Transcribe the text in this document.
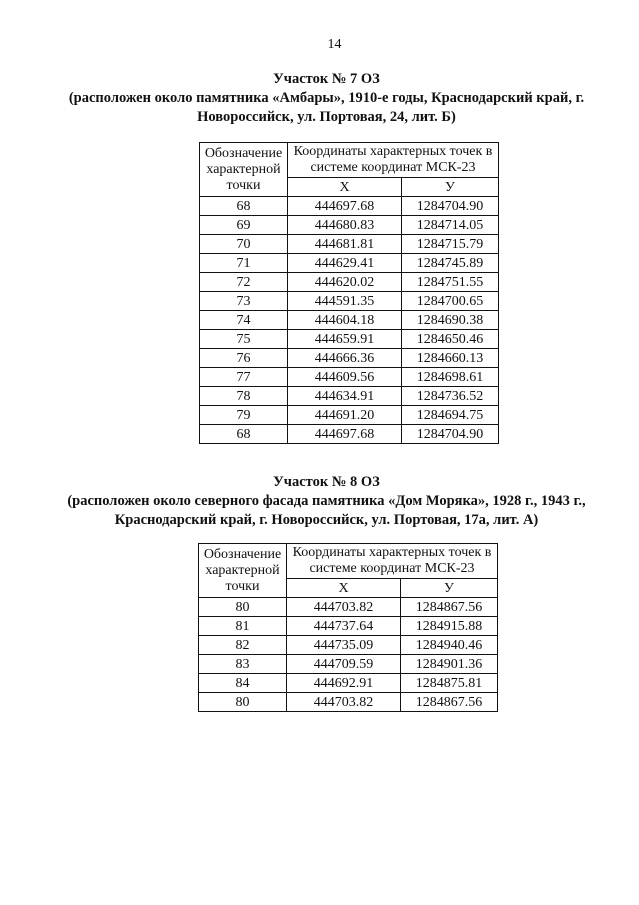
14
Участок № 7 ОЗ
(расположен около памятника «Амбары», 1910-е годы, Краснодарский край, г. Новороссийск, ул. Портовая, 24, лит. Б)
Обозначение характерной точки	Координаты характерных точек в системе координат МСК-23	
	X	У
68	444697.68	1284704.90
69	444680.83	1284714.05
70	444681.81	1284715.79
71	444629.41	1284745.89
72	444620.02	1284751.55
73	444591.35	1284700.65
74	444604.18	1284690.38
75	444659.91	1284650.46
76	444666.36	1284660.13
77	444609.56	1284698.61
78	444634.91	1284736.52
79	444691.20	1284694.75
68	444697.68	1284704.90
Участок № 8 ОЗ
(расположен около северного фасада памятника «Дом Моряка», 1928 г., 1943 г., Краснодарский край, г. Новороссийск, ул. Портовая, 17а, лит. А)
Обозначение характерной точки	Координаты характерных точек в системе координат МСК-23	
	X	У
80	444703.82	1284867.56
81	444737.64	1284915.88
82	444735.09	1284940.46
83	444709.59	1284901.36
84	444692.91	1284875.81
80	444703.82	1284867.56
